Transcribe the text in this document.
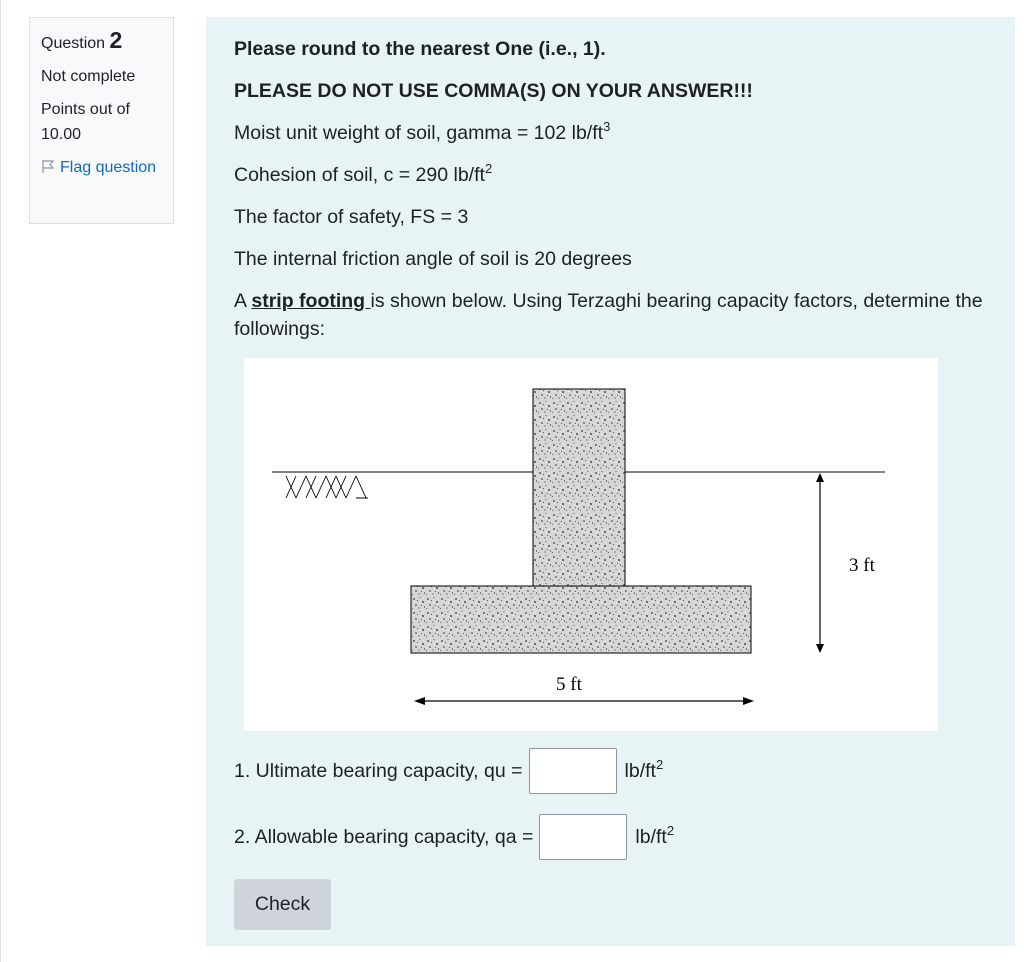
Question 2
Not complete
Points out of 10.00
Flag question

Please round to the nearest One (i.e., 1).

PLEASE DO NOT USE COMMA(S) ON YOUR ANSWER!!!

Moist unit weight of soil, gamma = 102 $lb/ft^3$

Cohesion of soil, c = 290 $lb/ft^2$

The factor of safety, FS = 3

The internal friction angle of soil is 20 degrees

A strip footing is shown below. Using Terzaghi bearing capacity factors, determine the followings:

3 ft
5 ft
1. Ultimate bearing capacity, qu =	$lb/ft^2$
2. Allowable bearing capacity, qa =	$lb/ft^2$
Check
